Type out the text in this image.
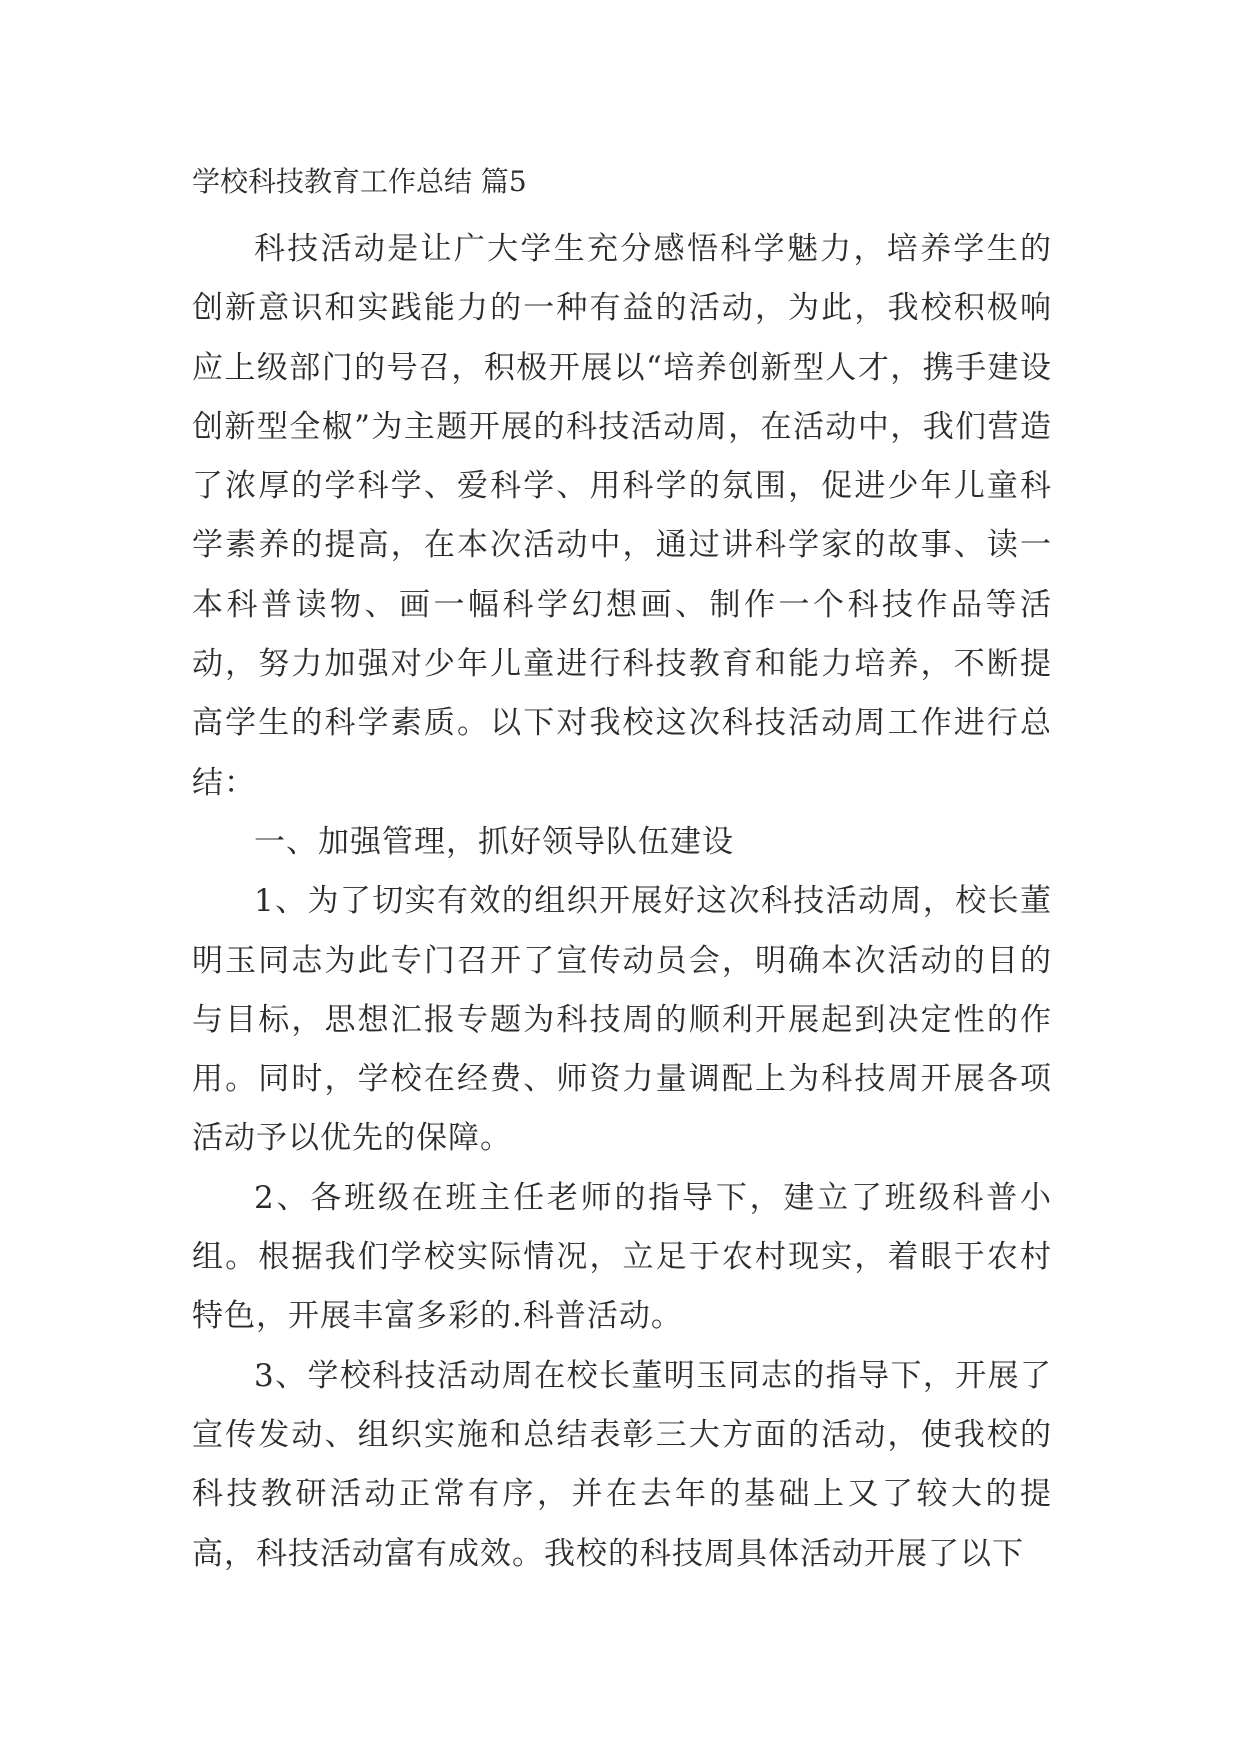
学校科技教育工作总结 篇5

科技活动是让广大学生充分感悟科学魅力，培养学生的创新意识和实践能力的一种有益的活动，为此，我校积极响应上级部门的号召，积极开展以“培养创新型人才，携手建设创新型全椒”为主题开展的科技活动周，在活动中，我们营造了浓厚的学科学、爱科学、用科学的氛围，促进少年儿童科学素养的提高，在本次活动中，通过讲科学家的故事、读一本科普读物、画一幅科学幻想画、制作一个科技作品等活动，努力加强对少年儿童进行科技教育和能力培养，不断提高学生的科学素质。以下对我校这次科技活动周工作进行总结：

一、加强管理，抓好领导队伍建设

1、为了切实有效的组织开展好这次科技活动周，校长董明玉同志为此专门召开了宣传动员会，明确本次活动的目的与目标，思想汇报专题为科技周的顺利开展起到决定性的作用。同时，学校在经费、师资力量调配上为科技周开展各项活动予以优先的保障。

2、各班级在班主任老师的指导下，建立了班级科普小组。根据我们学校实际情况，立足于农村现实，着眼于农村特色，开展丰富多彩的.科普活动。

3、学校科技活动周在校长董明玉同志的指导下，开展了宣传发动、组织实施和总结表彰三大方面的活动，使我校的科技教研活动正常有序，并在去年的基础上又了较大的提高，科技活动富有成效。我校的科技周具体活动开展了以下
